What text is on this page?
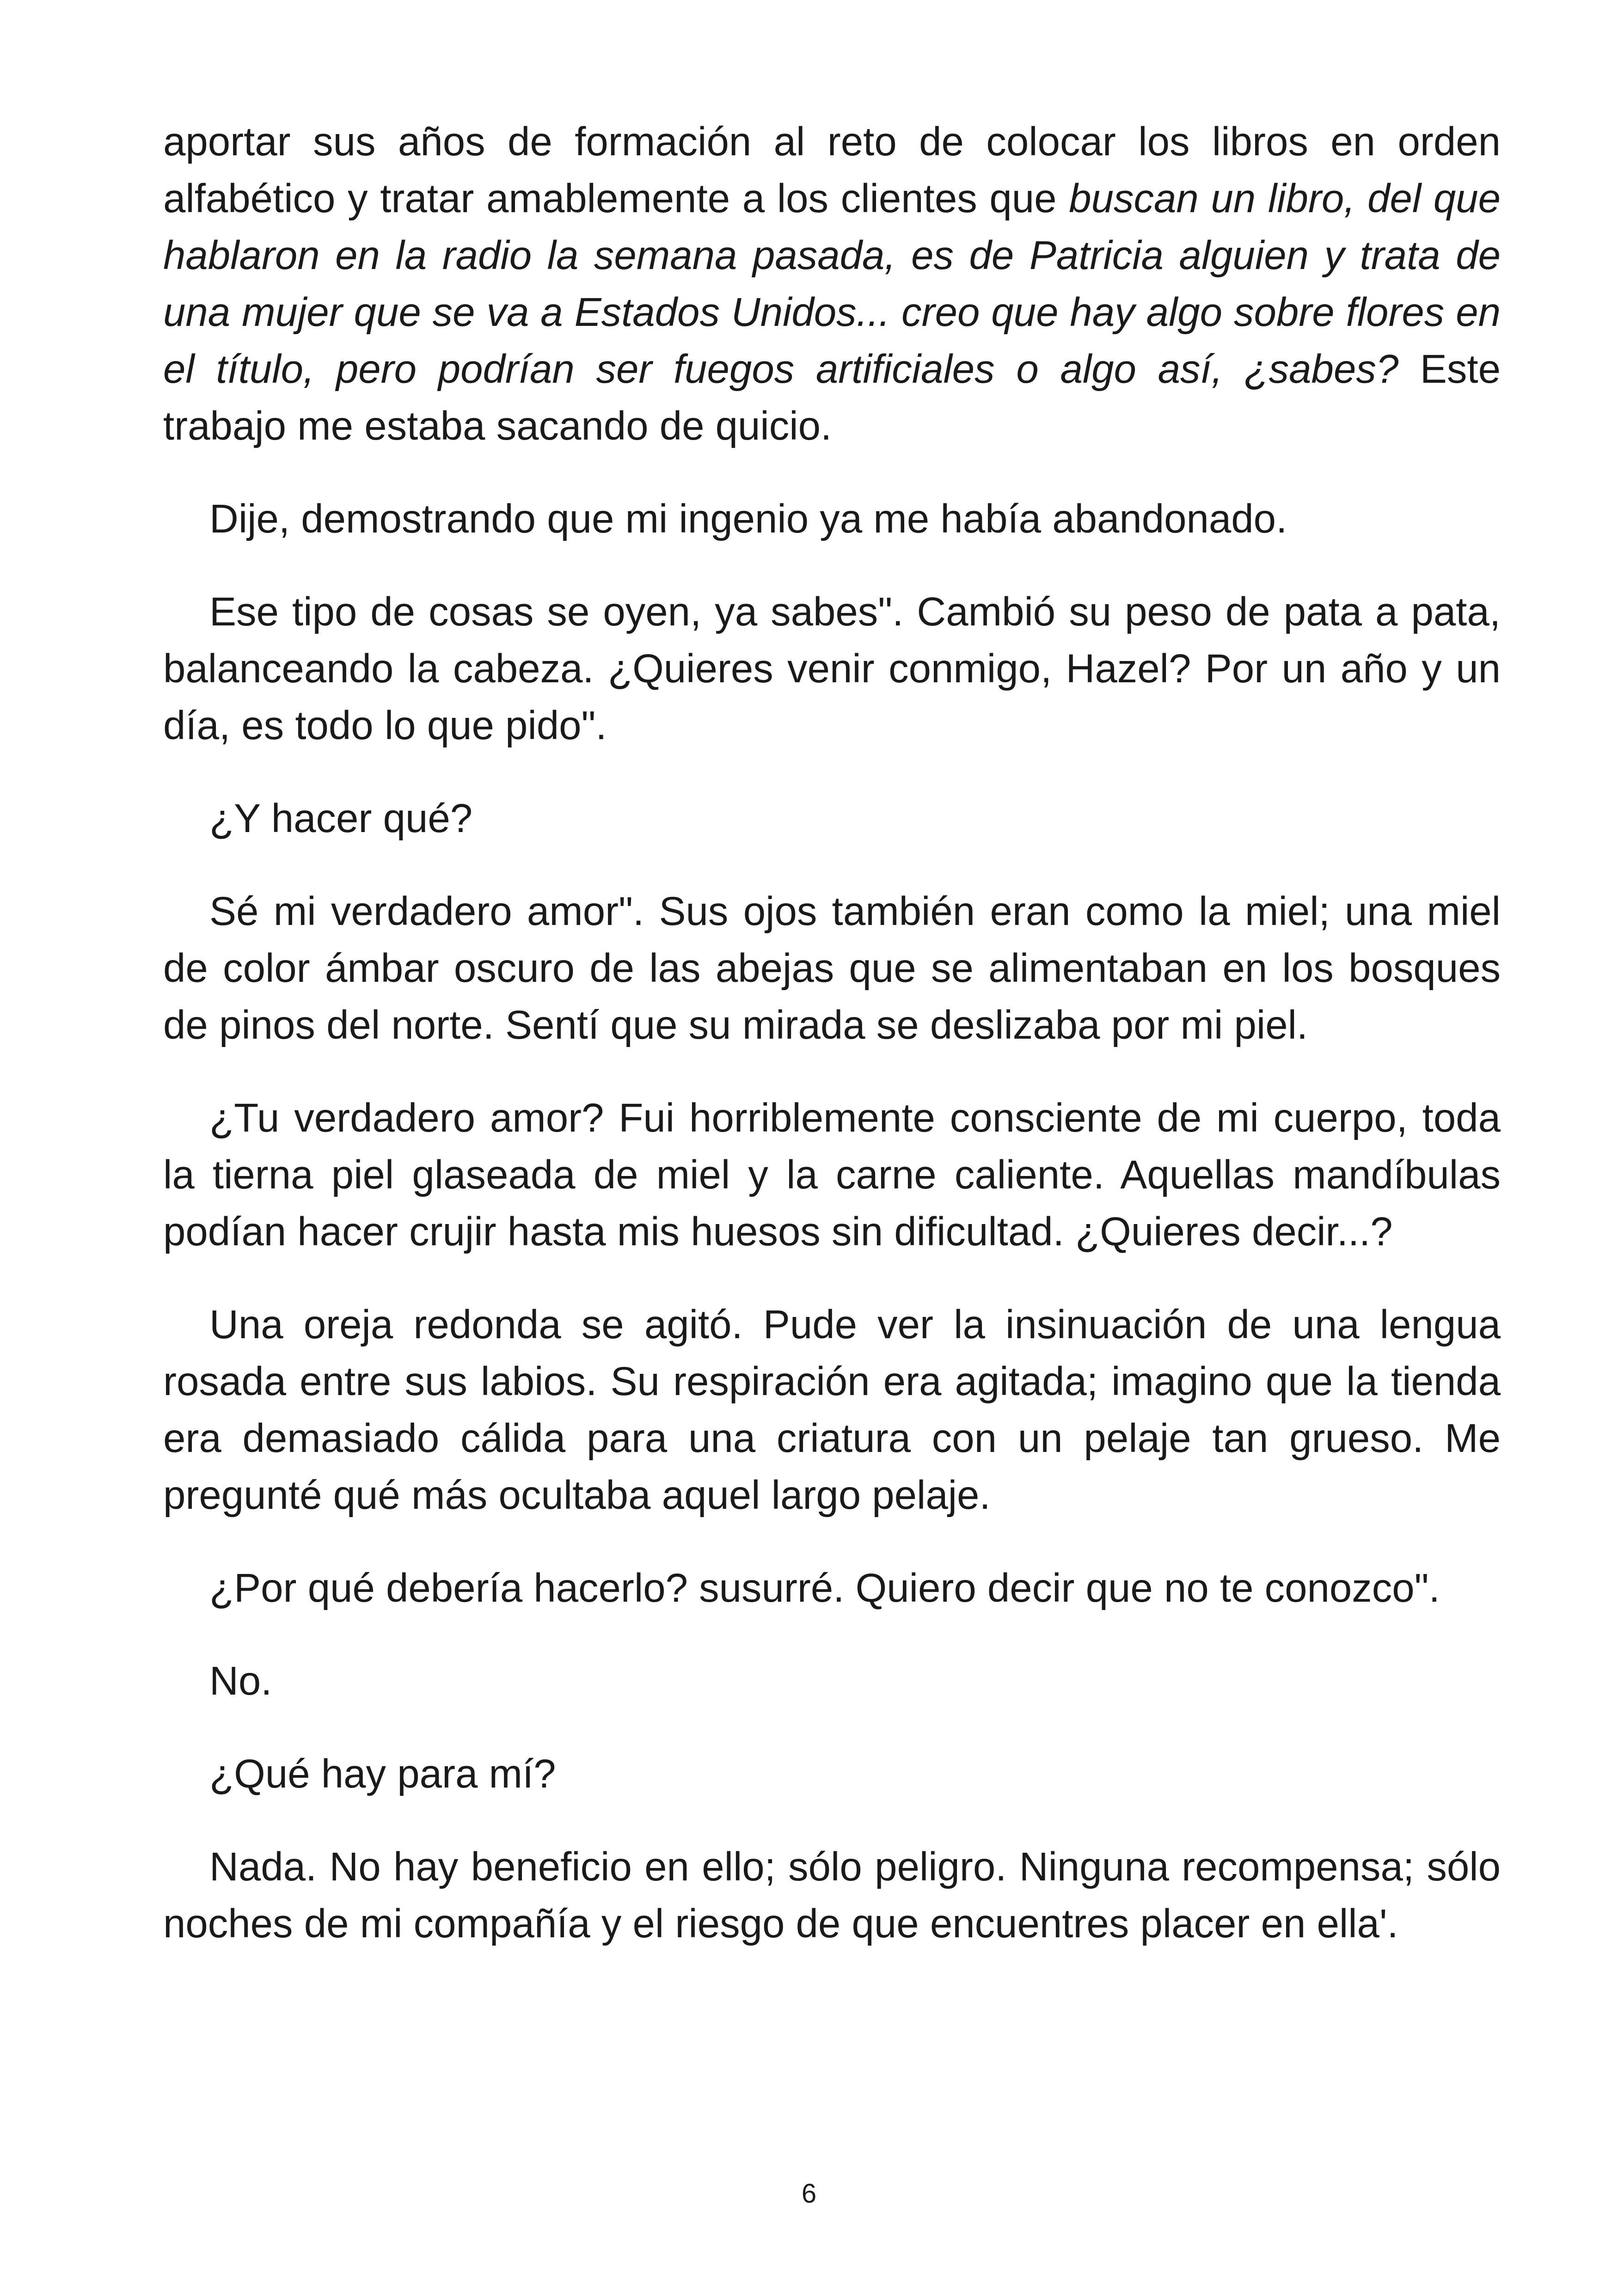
aportar sus años de formación al reto de colocar los libros en orden alfabético y tratar amablemente a los clientes que buscan un libro, del que hablaron en la radio la semana pasada, es de Patricia alguien y trata de una mujer que se va a Estados Unidos... creo que hay algo sobre flores en el título, pero podrían ser fuegos artificiales o algo así, ¿sabes? Este trabajo me estaba sacando de quicio.

Dije, demostrando que mi ingenio ya me había abandonado.

Ese tipo de cosas se oyen, ya sabes". Cambió su peso de pata a pata, balanceando la cabeza. ¿Quieres venir conmigo, Hazel? Por un año y un día, es todo lo que pido".

¿Y hacer qué?

Sé mi verdadero amor". Sus ojos también eran como la miel; una miel de color ámbar oscuro de las abejas que se alimentaban en los bosques de pinos del norte. Sentí que su mirada se deslizaba por mi piel.

¿Tu verdadero amor? Fui horriblemente consciente de mi cuerpo, toda la tierna piel glaseada de miel y la carne caliente. Aquellas mandíbulas podían hacer crujir hasta mis huesos sin dificultad. ¿Quieres decir...?

Una oreja redonda se agitó. Pude ver la insinuación de una lengua rosada entre sus labios. Su respiración era agitada; imagino que la tienda era demasiado cálida para una criatura con un pelaje tan grueso. Me pregunté qué más ocultaba aquel largo pelaje.

¿Por qué debería hacerlo? susurré. Quiero decir que no te conozco".

No.

¿Qué hay para mí?

Nada. No hay beneficio en ello; sólo peligro. Ninguna recompensa; sólo noches de mi compañía y el riesgo de que encuentres placer en ella'.

6
